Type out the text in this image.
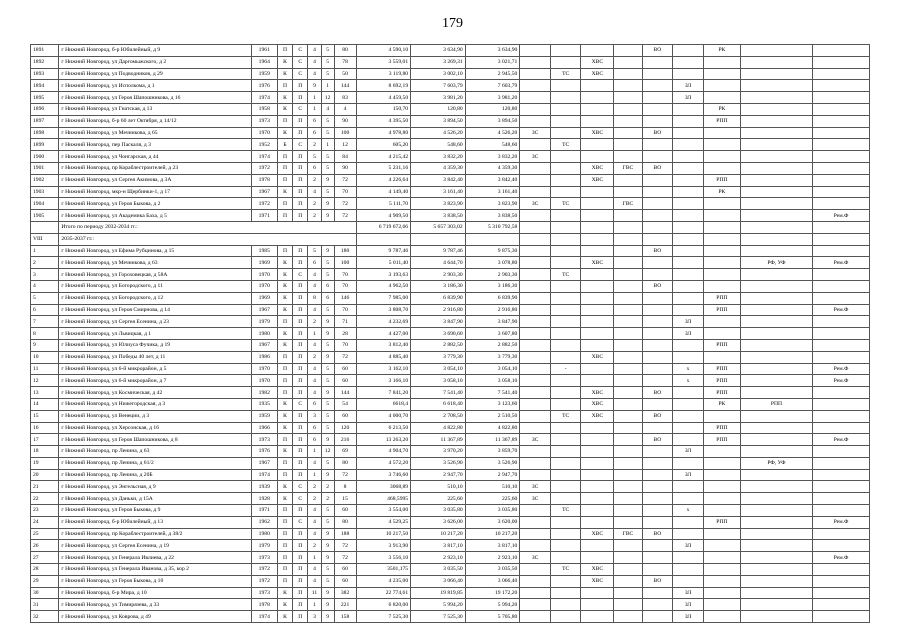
179
1891	г Нижний Новгород, б-р Юбилейный, д 9	1961	П	С	4	5	80	4 590,10	3 634,90	3 634,90					ВО		РК		
1892	г Нижний Новгород, ул Даргомыжского, д 2	1964	К	С	4	5	78	3 559,01	3 269,31	3 021,71			ХВС						
1893	г Нижний Новгород, ул Подводников, д 29	1959	К	С	4	5	50	3 119,80	3 002,10	2 945,50		ТС	ХВС						
1894	г Нижний Новгород, ул Исполкома, д 1	1976	П	П	9	1	144	8 692,19	7 603,79	7 603,79						ЗЛ			
1895	г Нижний Новгород, ул Героя Шапошникова, д 16	1974	К	П	1	12	83	4 459,50	3 981,20	3 981,20						ЗЛ			
1896	г Нижний Новгород, ул Гнатская, д 13	1958	К	С	1	4	4	150,70	120,80	120,80							РК		
1897	г Нижний Новгород, б-р 60 лет Октября, д 14/12	1973	П	П	6	5	90	4 395,50	3 894,50	3 894,50							РПП		
1898	г Нижний Новгород, ул Мечникова, д 65	1970	К	П	6	5	100	4 978,80	4 526,20	4 526,20	ЗС		ХВС		ВО				
1899	г Нижний Новгород, пер Паскаля, д 3	1952	Б	С	2	1	12	605,20	548,60	548,60		ТС							
1900	г Нижний Новгород, ул Чонгарская, д 44	1974	П	П	5	5	84	4 215,42	3 832,20	3 832,20	ЗС								
1901	г Нижний Новгород, пр Кораблестроителей, д 23	1972	П	П	6	5	90	5 231,16	4 359,30	4 359,30			ХВС	ГВС	ВО				
1902	г Нижний Новгород, ул Сергея Акимова, д 3А	1978	П	П	2	9	72	4 226,64	3 842,40	3 842,40			ХВС				РПП		
1903	г Нижний Новгород, мкр-н Щербинки-1, д 17	1967	К	П	4	5	70	4 149,40	3 161,40	3 161,40							РК		
1904	г Нижний Новгород, ул Героя Быкова, д 2	1972	П	П	2	9	72	5 111,70	3 823,90	3 823,90	ЗС	ТС		ГВС					
1905	г Нижний Новгород, ул Академика Баха, д 5	1971	П	П	2	9	72	4 909,50	3 838,50	3 838,50									Рем.Ф
	Итого по периоду 2032-2034 гг.:							6 719 672,66	5 657 303,02	5 310 792,58									
VIII	2035-2037 гг.:																		
1	г Нижний Новгород, ул Ефима Рубцинова, д 15	1985	П	П	5	9	180	9 787,46	9 787,46	9 875,30					ВО				
2	г Нижний Новгород, ул Мечникова, д 63	1969	К	П	6	5	100	5 011,40	4 644,70	3 078,80			ХВС					РФ, УФ	Рем.Ф
3	г Нижний Новгород, ул Гороховецкая, д 58А	1970	К	С	4	5	70	3 193,63	2 903,30	2 903,30		ТС							
4	г Нижний Новгород, ул Богородского, д 11	1970	К	П	4	6	70	4 962,50	3 186,30	3 186,30					ВО				
5	г Нижний Новгород, ул Богородского, д 12	1969	К	П	8	6	146	7 985,00	6 839,90	6 839,90							РПП		
6	г Нижний Новгород, ул Героя Смирнова, д 14	1967	К	П	4	5	70	3 808,70	2 916,80	2 916,80							РПП		Рем.Ф
7	г Нижний Новгород, ул Сергея Есенина, д 23	1979	П	П	2	9	71	4 232,69	3 847,90	3 847,90						ЗЛ			
8	г Нижний Новгород, ул Львицкая, д 1	1980	К	П	1	9	28	4 427,00	3 690,60	3 607,80						ЗЛ			
9	г Нижний Новгород, ул Юлиуса Фучика, д 19	1967	К	П	4	5	70	3 812,40	2 882,50	2 882,50							РПП		
10	г Нижний Новгород, ул Победы 40 лет, д 11	1986	П	П	2	9	72	4 885,40	3 779,30	3 779,30			ХВС						
11	г Нижний Новгород, ул 6-й микрорайон, д 5	1970	П	П	4	5	60	3 162,10	3 054,10	3 054,10		-				х	РПП		Рем.Ф
12	г Нижний Новгород, ул 6-й микрорайон, д 7	1970	П	П	4	5	60	3 166,10	3 058,10	3 058,10						х	РПП		Рем.Ф
13	г Нижний Новгород, ул Космическая, д 42	1982	П	П	4	9	144	7 841,20	7 541,40	7 541,40			ХВС		ВО		РПП		
14	г Нижний Новгород, ул Нижегородская, д 3	1935	К	С	6	5	54	6618,4	6 618,40	3 123,60			ХВС				РК	РПП	
15	г Нижний Новгород, ул Венеции, д 3	1959	К	П	3	5	60	4 000,70	2 708,50	2 510,50		ТС	ХВС		ВО				
16	г Нижний Новгород, ул Херсонская, д 16	1966	К	П	6	5	120	6 213,50	4 822,80	4 822,80							РПП		
17	г Нижний Новгород, ул Героя Шапошникова, д 8	1973	П	П	6	9	216	13 263,20	11 367,89	11 367,89	ЗС				ВО		РПП		Рем.Ф
18	г Нижний Новгород, пр Ленина, д 63	1976	К	П	1	12	69	4 904,70	3 970,20	3 859,70						ЗЛ			
19	г Нижний Новгород, пр Ленина, д 61/2	1967	П	П	4	5	80	4 572,20	3 526,90	3 526,90								РФ, УФ	
20	г Нижний Новгород, пр Ленина, д 20Б	1974	П	П	1	9	72	3 746,60	2 947,70	2 947,70						ЗЛ			
21	г Нижний Новгород, ул Энгельсная, д 9	1939	К	С	2	2	8	3068,89	510,10	510,10	ЗС								
22	г Нижний Новгород, ул Даньки, д 15А	1928	К	С	2	2	15	468,5995	225,60	225,60	ЗС								
23	г Нижний Новгород, ул Героя Быкова, д 9	1971	П	П	4	5	60	3 554,00	3 035,80	3 035,80		ТС				х			
24	г Нижний Новгород, б-р Юбилейный, д 13	1962	П	С	4	5	80	4 529,25	3 626,00	3 620,00							РПП		Рем.Ф
25	г Нижний Новгород, пр Кораблестроителей, д 38/2	1980	П	П	4	9	188	10 217,50	10 217,20	10 217,20			ХВС	ГВС	ВО				
26	г Нижний Новгород, ул Сергея Есенина, д 19	1979	П	П	2	9	72	3 913,90	3 817,10	3 817,10						ЗЛ			
27	г Нижний Новгород, ул Генерала Ивлиева, д 22	1973	П	П	1	9	72	3 556,10	2 923,10	2 923,10	ЗС								Рем.Ф
28	г Нижний Новгород, ул Генерала Иванова, д 35, кор 2	1972	П	П	4	5	60	3501,175	3 035,50	3 035,50		ТС	ХВС						
29	г Нижний Новгород, ул Героя Быкова, д 10	1972	П	П	4	5	60	4 235,00	3 066,40	3 066,40			ХВС		ВО				
30	г Нижний Новгород, б-р Мира, д 10	1973	К	П	11	9	382	22 774,61	19 819,85	19 172,20						ЗЛ			
31	г Нижний Новгород, ул Тимирязева, д 33	1978	К	П	1	9	221	6 820,00	5 994,20	5 994,20						ЗЛ			
32	г Нижний Новгород, ул Коврова, д 49	1974	К	П	3	9	158	7 525,30	7 525,30	5 705,80						ЗЛ			
